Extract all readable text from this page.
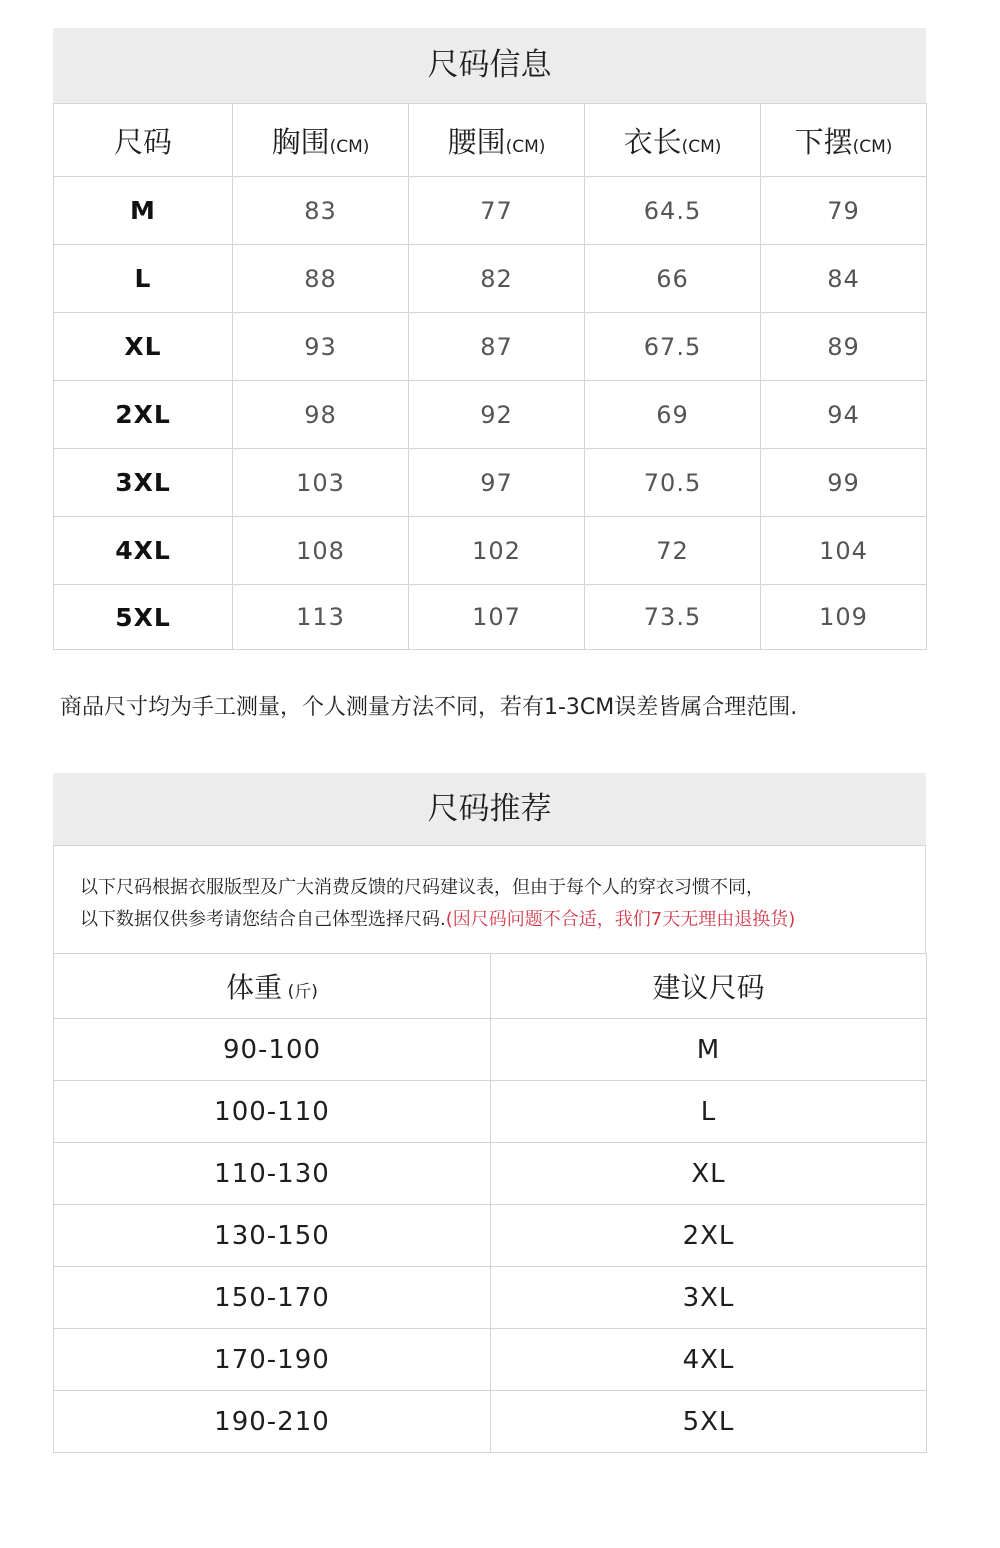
尺码信息
尺码	胸围(CM)	腰围(CM)	衣长(CM)	下摆(CM)
M	83	77	64.5	79
L	88	82	66	84
XL	93	87	67.5	89
2XL	98	92	69	94
3XL	103	97	70.5	99
4XL	108	102	72	104
5XL	113	107	73.5	109
商品尺寸均为手工测量，个人测量方法不同，若有1-3CM误差皆属合理范围.
尺码推荐
以下尺码根据衣服版型及广大消费反馈的尺码建议表，但由于每个人的穿衣习惯不同，
以下数据仅供参考请您结合自己体型选择尺码.(因尺码问题不合适，我们7天无理由退换货)
体重 (斤)	建议尺码
90-100	M
100-110	L
110-130	XL
130-150	2XL
150-170	3XL
170-190	4XL
190-210	5XL
